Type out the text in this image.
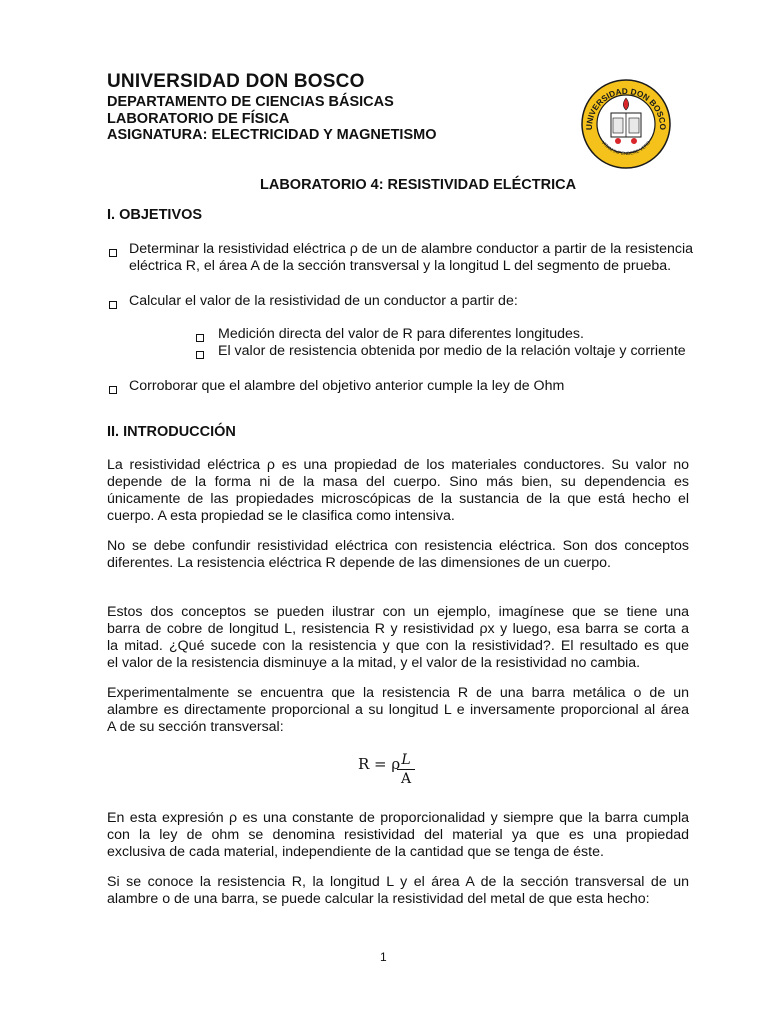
UNIVERSIDAD DON BOSCO
DEPARTAMENTO DE CIENCIAS BÁSICAS
LABORATORIO DE FÍSICA
ASIGNATURA: ELECTRICIDAD Y MAGNETISMO	UNIVERSIDAD DON BOSCO
VITAM IMPENDERE VERO
LABORATORIO 4: RESISTIVIDAD ELÉCTRICA
I. OBJETIVOS
Determinar la resistividad eléctrica ρ de un de alambre conductor a partir de la resistencia
eléctrica R, el área A de la sección transversal y la longitud L del segmento de prueba.
Calcular el valor de la resistividad de un conductor a partir de:
Medición directa del valor de R para diferentes longitudes.
El valor de resistencia obtenida por medio de la relación voltaje y corriente
Corroborar que el alambre del objetivo anterior cumple la ley de Ohm
II. INTRODUCCIÓN
La resistividad eléctrica ρ es una propiedad de los materiales conductores. Su valor no
depende de la forma ni de la masa del cuerpo. Sino más bien, su dependencia es
únicamente de las propiedades microscópicas de la sustancia de la que está hecho el
cuerpo. A esta propiedad se le clasifica como intensiva.
No se debe confundir resistividad eléctrica con resistencia eléctrica. Son dos conceptos
diferentes. La resistencia eléctrica R depende de las dimensiones de un cuerpo.
Estos dos conceptos se pueden ilustrar con un ejemplo, imagínese que se tiene una
barra de cobre de longitud L, resistencia R y resistividad ρx y luego, esa barra se corta a
la mitad. ¿Qué sucede con la resistencia y que con la resistividad?. El resultado es que
el valor de la resistencia disminuye a la mitad, y el valor de la resistividad no cambia.
Experimentalmente se encuentra que la resistencia R de una barra metálica o de un
alambre es directamente proporcional a su longitud L e inversamente proporcional al área
A de su sección transversal:
R = ρ L
A
En esta expresión ρ es una constante de proporcionalidad y siempre que la barra cumpla
con la ley de ohm se denomina resistividad del material ya que es una propiedad
exclusiva de cada material, independiente de la cantidad que se tenga de éste.
Si se conoce la resistencia R, la longitud L y el área A de la sección transversal de un
alambre o de una barra, se puede calcular la resistividad del metal de que esta hecho:
1
